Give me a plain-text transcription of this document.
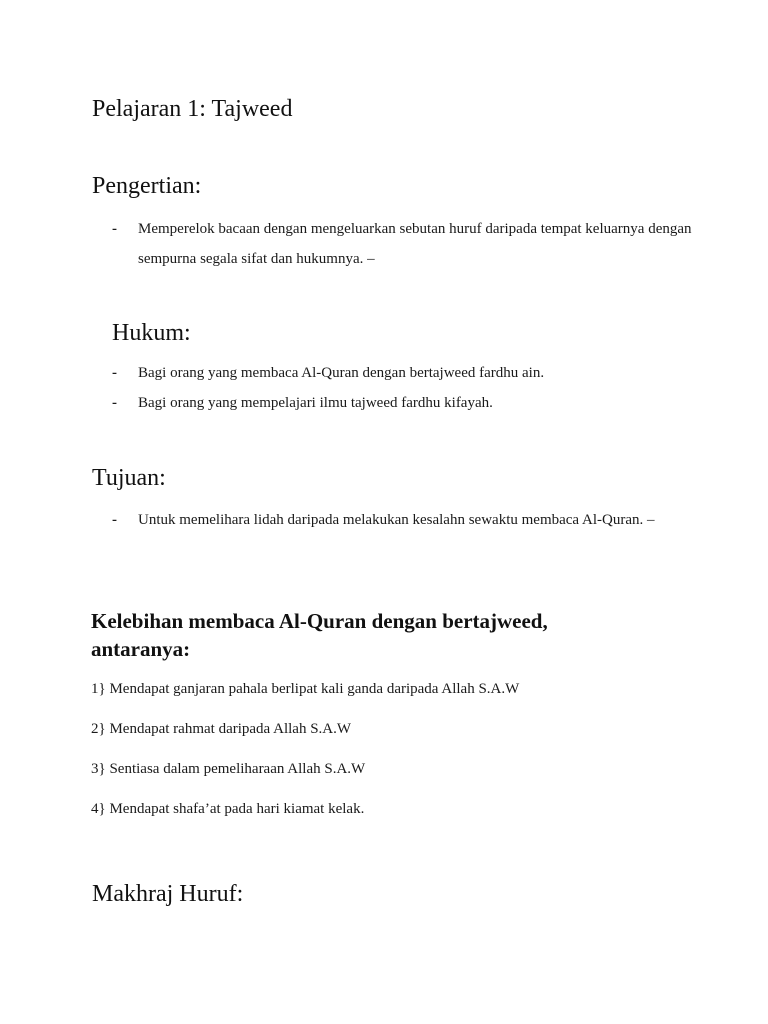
Pelajaran 1: Tajweed
Pengertian:
- Memperelok bacaan dengan mengeluarkan sebutan huruf daripada tempat keluarnya dengan sempurna segala sifat dan hukumnya. –
Hukum:
- Bagi orang yang membaca Al-Quran dengan bertajweed fardhu ain.
- Bagi orang yang mempelajari ilmu tajweed fardhu kifayah.
Tujuan:
- Untuk memelihara lidah daripada melakukan kesalahn sewaktu membaca Al-Quran. –
Kelebihan membaca Al-Quran dengan bertajweed, antaranya:
1} Mendapat ganjaran pahala berlipat kali ganda daripada Allah S.A.W
2} Mendapat rahmat daripada Allah S.A.W
3} Sentiasa dalam pemeliharaan Allah S.A.W
4} Mendapat shafa’at pada hari kiamat kelak.
Makhraj Huruf:
